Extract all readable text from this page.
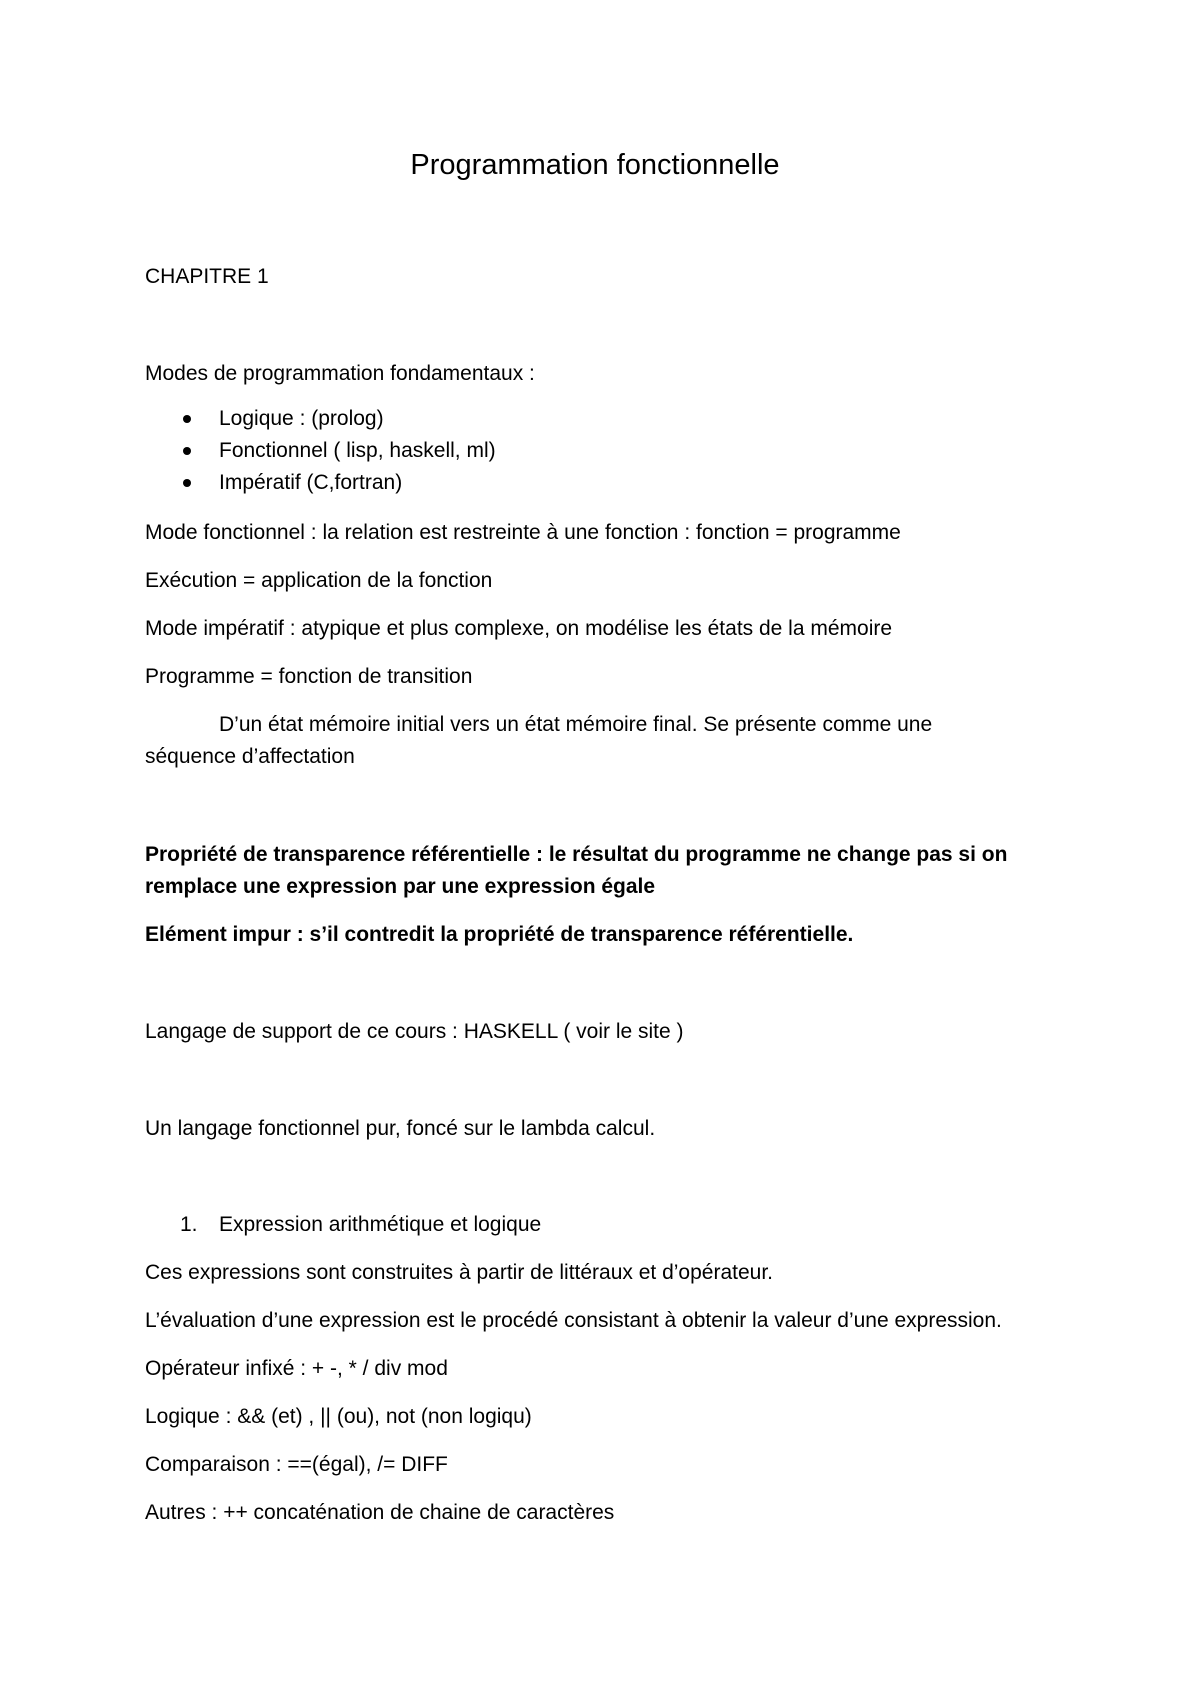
Programmation fonctionnelle
CHAPITRE 1
Modes de programmation fondamentaux :
Logique : (prolog)
Fonctionnel ( lisp, haskell, ml)
Impératif (C,fortran)
Mode fonctionnel : la relation est restreinte à une fonction : fonction = programme
Exécution = application de la fonction
Mode impératif : atypique et plus complexe, on modélise les états de la mémoire
Programme = fonction de transition
D’un état mémoire initial vers un état mémoire final. Se présente comme une
séquence d’affectation
Propriété de transparence référentielle : le résultat du programme ne change pas si on
remplace une expression par une expression égale
Elément impur : s’il contredit la propriété de transparence référentielle.
Langage de support de ce cours : HASKELL ( voir le site )
Un langage fonctionnel pur, foncé sur le lambda calcul.
1. Expression arithmétique et logique
Ces expressions sont construites à partir de littéraux et d’opérateur.
L’évaluation d’une expression est le procédé consistant à obtenir la valeur d’une expression.
Opérateur infixé : + -, * / div mod
Logique : && (et) , || (ou), not (non logiqu)
Comparaison : ==(égal), /= DIFF
Autres : ++ concaténation de chaine de caractères
